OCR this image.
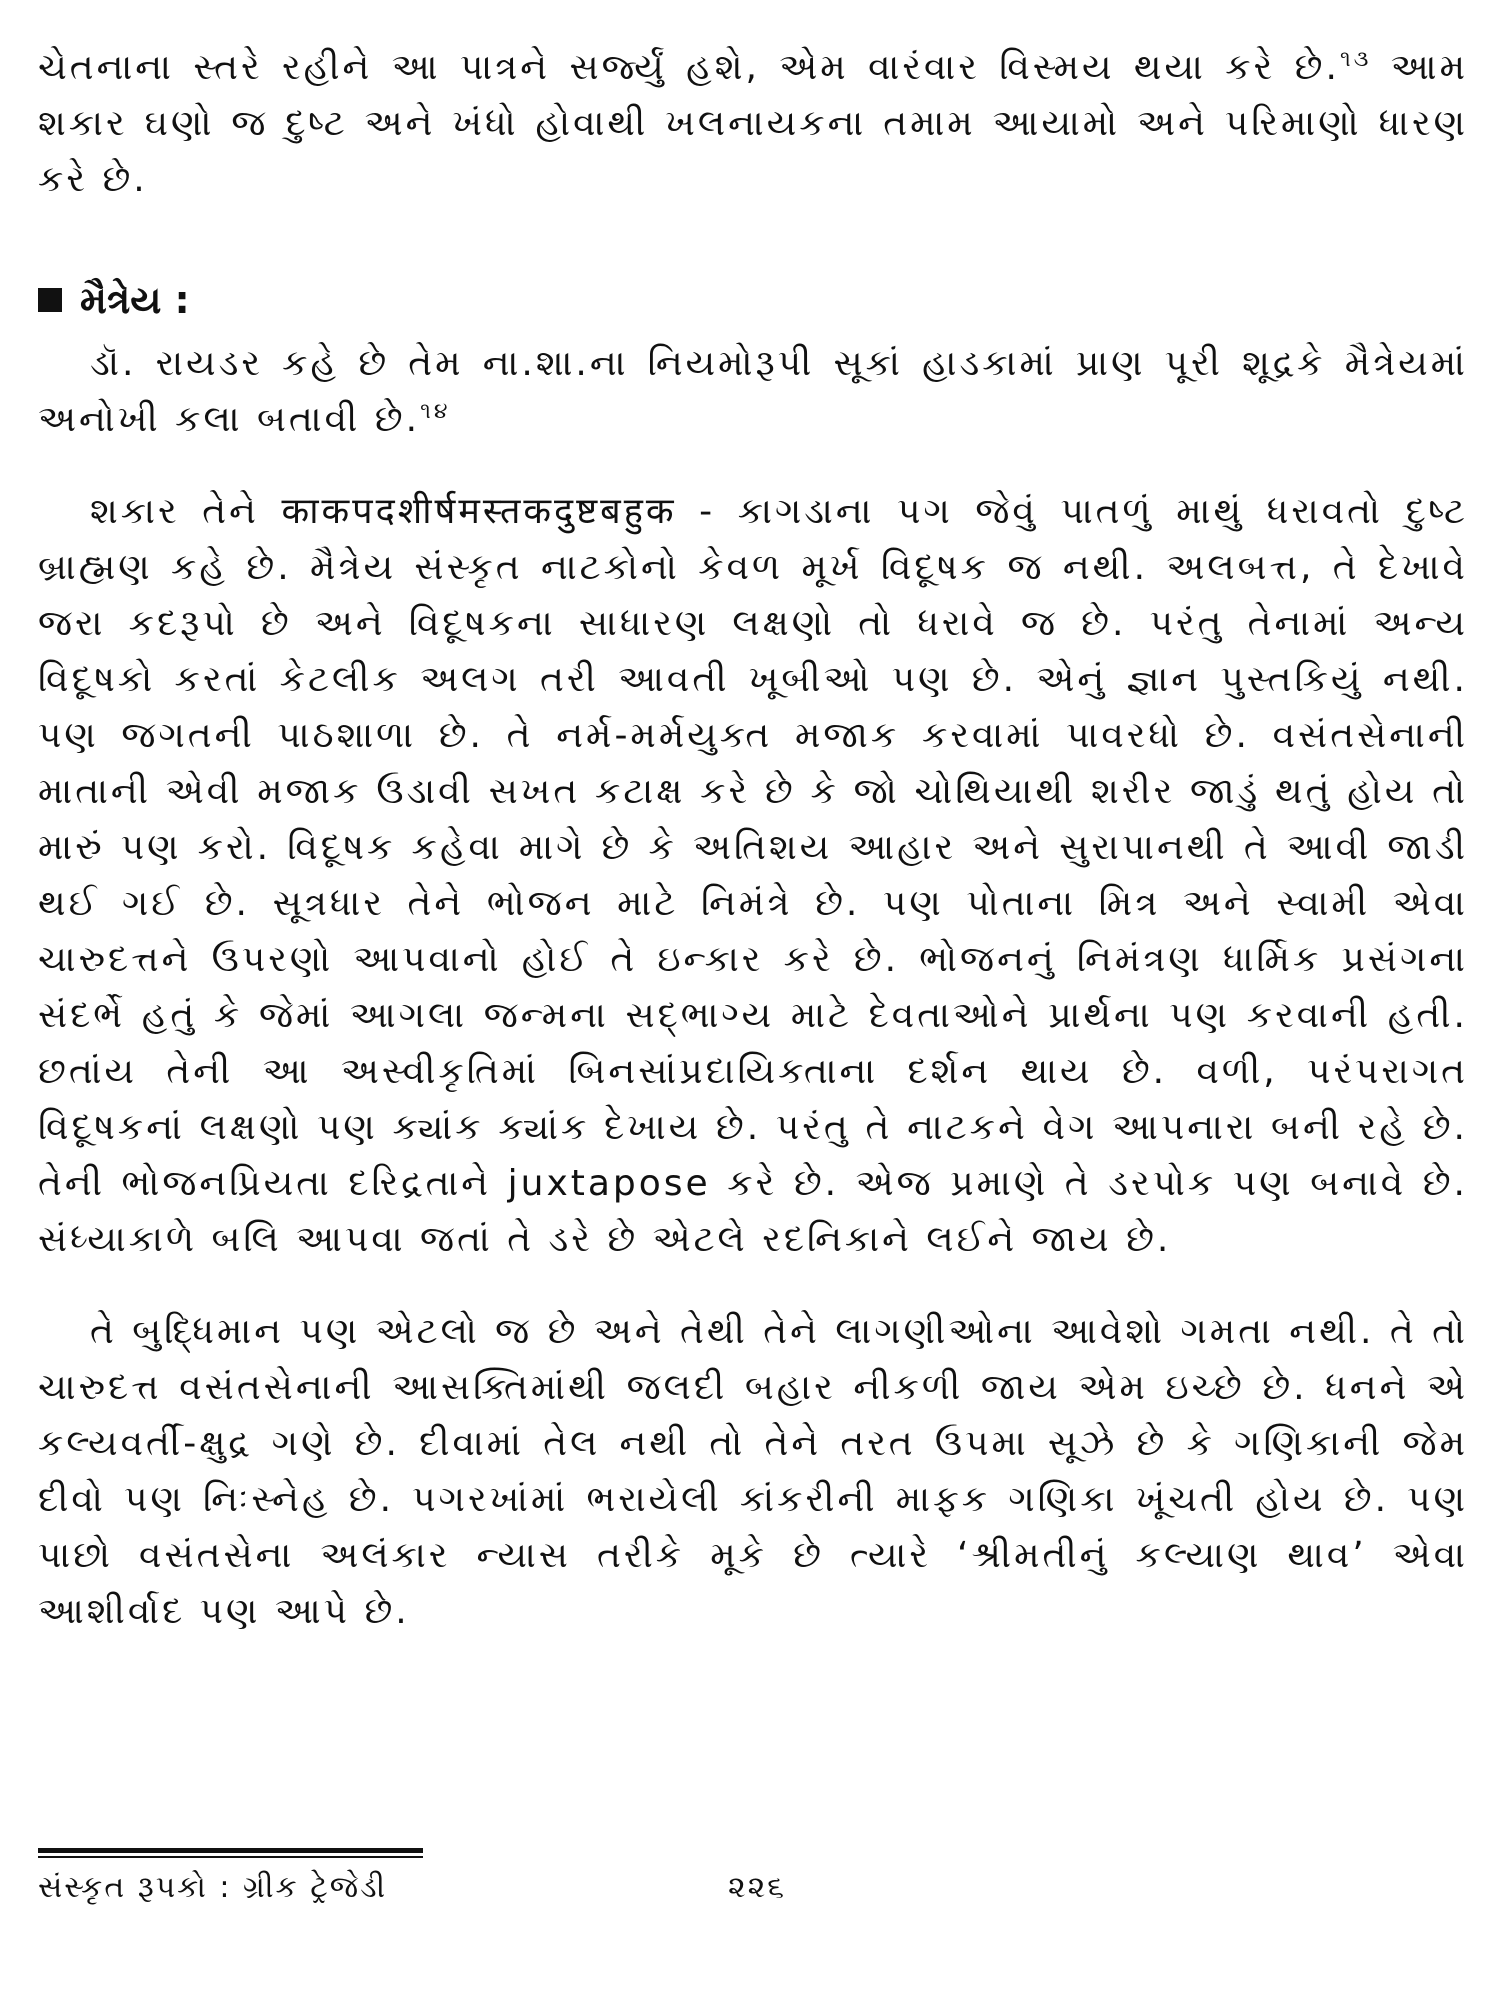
ચેતનાના સ્તરે રહીને આ પાત્રને સર્જ્યું હશે, એમ વારંવાર વિસ્મય થયા કરે છે.$^{૧૩}$ આમ શકાર ઘણો જ દુષ્ટ અને ખંધો હોવાથી ખલનાયકના તમામ આયામો અને પરિમાણો ધારણ કરે છે.

મૈત્રેય :

ડૉ. રાયડર કહે છે તેમ ના.શા.ના નિયમોરૂપી સૂકાં હાડકામાં પ્રાણ પૂરી શૂદ્રકે મૈત્રેયમાં અનોખી કલા બતાવી છે.$^{૧૪}$

શકાર તેને काकपदशीर्षमस्तकदुष्टबहुक - કાગડાના પગ જેવું પાતળું માથું ધરાવતો દુષ્ટ બ્રાહ્મણ કહે છે. મૈત્રેય સંસ્કૃત નાટકોનો કેવળ મૂર્ખ વિદૂષક જ નથી. અલબત્ત, તે દેખાવે જરા કદરૂપો છે અને વિદૂષકના સાધારણ લક્ષણો તો ધરાવે જ છે. પરંતુ તેનામાં અન્ય વિદૂષકો કરતાં કેટલીક અલગ તરી આવતી ખૂબીઓ પણ છે. એનું જ્ઞાન પુસ્તકિયું નથી. પણ જગતની પાઠશાળા છે. તે નર્મ-મર્મયુક્ત મજાક કરવામાં પાવરધો છે. વસંતસેનાની માતાની એવી મજાક ઉડાવી સખત કટાક્ષ કરે છે કે જો ચોથિયાથી શરીર જાડું થતું હોય તો મારું પણ કરો. વિદૂષક કહેવા માગે છે કે અતિશય આહાર અને સુરાપાનથી તે આવી જાડી થઈ ગઈ છે. સૂત્રધાર તેને ભોજન માટે નિમંત્રે છે. પણ પોતાના મિત્ર અને સ્વામી એવા ચારુદત્તને ઉપરણો આપવાનો હોઈ તે ઇન્કાર કરે છે. ભોજનનું નિમંત્રણ ધાર્મિક પ્રસંગના સંદર્ભે હતું કે જેમાં આગલા જન્મના સદ્‌ભાગ્ય માટે દેવતાઓને પ્રાર્થના પણ કરવાની હતી. છતાંય તેની આ અસ્વીકૃતિમાં બિનસાંપ્રદાયિક્તાના દર્શન થાય છે. વળી, પરંપરાગત વિદૂષકનાં લક્ષણો પણ ક્યાંક ક્યાંક દેખાય છે. પરંતુ તે નાટકને વેગ આપનારા બની રહે છે. તેની ભોજનપ્રિયતા દરિદ્રતાને juxtapose કરે છે. એજ પ્રમાણે તે ડરપોક પણ બનાવે છે. સંધ્યાકાળે બલિ આપવા જતાં તે ડરે છે એટલે રદનિકાને લઈને જાય છે.

તે બુદ્ધિમાન પણ એટલો જ છે અને તેથી તેને લાગણીઓના આવેશો ગમતા નથી. તે તો ચારુદત્ત વસંતસેનાની આસક્તિમાંથી જલદી બહાર નીકળી જાય એમ ઇચ્છે છે. ધનને એ કલ્યવર્તી-ક્ષુદ્ર ગણે છે. દીવામાં તેલ નથી તો તેને તરત ઉપમા સૂઝે છે કે ગણિકાની જેમ દીવો પણ નિઃસ્નેહ છે. પગરખાંમાં ભરાયેલી કાંકરીની માફક ગણિકા ખૂંચતી હોય છે. પણ પાછો વસંતસેના અલંકાર ન્યાસ તરીકે મૂકે છે ત્યારે ‘શ્રીમતીનું કલ્યાણ થાવ’ એવા આશીર્વાદ પણ આપે છે.

સંસ્કૃત રૂપકો : ગ્રીક ટ્રેજેડી	૨૨૬
